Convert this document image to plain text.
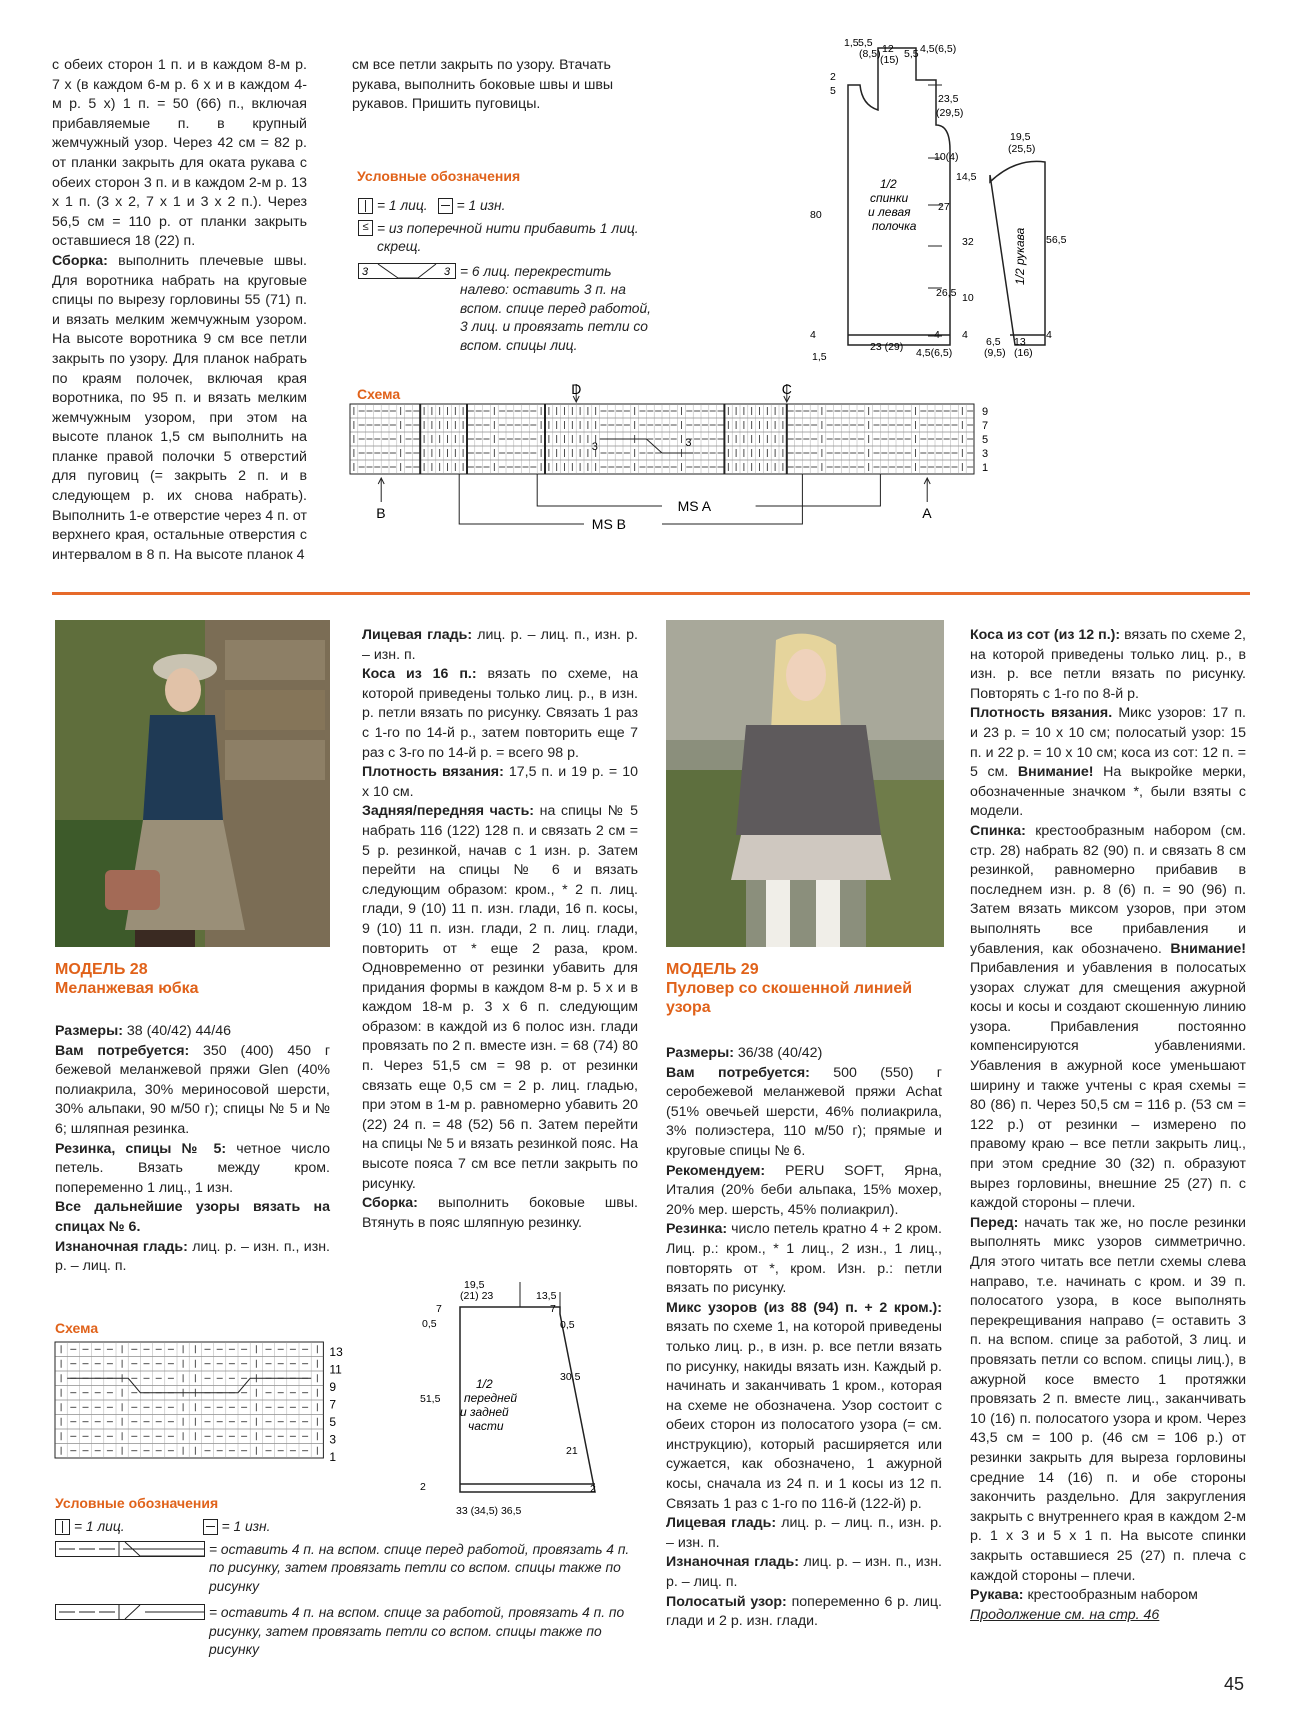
с обеих сторон 1 п. и в каждом 8-м р. 7 х (в каждом 6-м р. 6 х и в каждом 4-м р. 5 х) 1 п. = 50 (66) п., включая прибавляемые п. в крупный жемчужный узор. Через 42 см = 82 р. от планки закрыть для оката рукава с обеих сторон 3 п. и в каждом 2-м р. 13 х 1 п. (3 х 2, 7 х 1 и 3 х 2 п.). Через 56,5 см = 110 р. от планки закрыть оставшиеся 18 (22) п.

Сборка: выполнить плечевые швы. Для воротника набрать на круговые спицы по вырезу горловины 55 (71) п. и вязать мелким жемчужным узором. На высоте воротника 9 см все петли закрыть по узору. Для планок набрать по краям полочек, включая края воротника, по 95 п. и вязать мелким жемчужным узором, при этом на высоте планок 1,5 см выполнить на планке правой полочки 5 отверстий для пуговиц (= закрыть 2 п. и в следующем р. их снова набрать). Выполнить 1-е отверстие через 4 п. от верхнего края, остальные отверстия с интервалом в 8 п. На высоте планок 4

см все петли закрыть по узору. Втачать рукава, выполнить боковые швы и швы рукавов. Пришить пуговицы.

Условные обозначения
= 1 лиц. = 1 изн.
≤ = из поперечной нити прибавить 1 лиц. скрещ.
3	3 = 6 лиц. перекрестить налево: оставить 3 п. на вспом. спице перед работой, 3 лиц. и провязать петли со вспом. спицы лиц.
Схема
3	3
9
7
5
3
1
D	C
B	A
MS A
MS B
1,5 5,5
(8,5) 12
(15) 5,5 4,5(6,5)
2
5
23,5
(29,5)
10(4)
27
26,5
80
4	4
1,5
23 (29) 4,5(6,5)
1/2
спинки
и левая
полочка
19,5
(25,5)
14,5
32	56,5
10
4	4
6,5
(9,5)
13
(16)
1/2 рукава
МОДЕЛЬ 28
Меланжевая юбка

Размеры: 38 (40/42) 44/46

Вам потребуется: 350 (400) 450 г бежевой меланжевой пряжи Glen (40% полиакрила, 30% мериносовой шерсти, 30% альпаки, 90 м/50 г); спицы № 5 и № 6; шляпная резинка.

Резинка, спицы № 5: четное число петель. Вязать между кром. попеременно 1 лиц., 1 изн.

Все дальнейшие узоры вязать на спицах № 6.

Изнаночная гладь: лиц. р. – изн. п., изн. р. – лиц. п.

Лицевая гладь: лиц. р. – лиц. п., изн. р. – изн. п.

Коса из 16 п.: вязать по схеме, на которой приведены только лиц. р., в изн. р. петли вязать по рисунку. Связать 1 раз с 1-го по 14-й р., затем повторить еще 7 раз с 3-го по 14-й р. = всего 98 р.

Плотность вязания: 17,5 п. и 19 р. = 10 х 10 см.

Задняя/передняя часть: на спицы № 5 набрать 116 (122) 128 п. и связать 2 см = 5 р. резинкой, начав с 1 изн. р. Затем перейти на спицы № 6 и вязать следующим образом: кром., * 2 п. лиц. глади, 9 (10) 11 п. изн. глади, 16 п. косы, 9 (10) 11 п. изн. глади, 2 п. лиц. глади, повторить от * еще 2 раза, кром. Одновременно от резинки убавить для придания формы в каждом 8-м р. 5 х и в каждом 18-м р. 3 х 6 п. следующим образом: в каждой из 6 полос изн. глади провязать по 2 п. вместе изн. = 68 (74) 80 п. Через 51,5 см = 98 р. от резинки связать еще 0,5 см = 2 р. лиц. гладью, при этом в 1-м р. равномерно убавить 20 (22) 24 п. = 48 (52) 56 п. Затем перейти на спицы № 5 и вязать резинкой пояс. На высоте пояса 7 см все петли закрыть по рисунку.

Сборка: выполнить боковые швы. Втянуть в пояс шляпную резинку.

Схема
13
11
9
7
5
3
1
Условные обозначения
= 1 лиц.	= 1 изн.
= оставить 4 п. на вспом. спице перед работой, провязать 4 п. по рисунку, затем провязать петли со вспом. спицы также по рисунку
= оставить 4 п. на вспом. спице за работой, провязать 4 п. по рисунку, затем провязать петли со вспом. спицы также по рисунку
19,5
(21) 23	13,5
7
0,5
7
0,5
30,5
51,5
21
2	2
33 (34,5) 36,5
1/2
передней
и задней
части
МОДЕЛЬ 29
Пуловер со скошенной линией узора

Размеры: 36/38 (40/42)

Вам потребуется: 500 (550) г серобежевой меланжевой пряжи Achat (51% овечьей шерсти, 46% полиакрила, 3% полиэстера, 110 м/50 г); прямые и круговые спицы № 6.

Рекомендуем: PERU SOFT, Ярна, Италия (20% беби альпака, 15% мохер, 20% мер. шерсть, 45% полиакрил).

Резинка: число петель кратно 4 + 2 кром. Лиц. р.: кром., * 1 лиц., 2 изн., 1 лиц., повторять от *, кром. Изн. р.: петли вязать по рисунку.

Микс узоров (из 88 (94) п. + 2 кром.): вязать по схеме 1, на которой приведены только лиц. р., в изн. р. все петли вязать по рисунку, накиды вязать изн. Каждый р. начинать и заканчивать 1 кром., которая на схеме не обозначена. Узор состоит с обеих сторон из полосатого узора (= см. инструкцию), который расширяется или сужается, как обозначено, 1 ажурной косы, сначала из 24 п. и 1 косы из 12 п. Связать 1 раз с 1-го по 116-й (122-й) р.

Лицевая гладь: лиц. р. – лиц. п., изн. р. – изн. п.

Изнаночная гладь: лиц. р. – изн. п., изн. р. – лиц. п.

Полосатый узор: попеременно 6 р. лиц. глади и 2 р. изн. глади.

Коса из сот (из 12 п.): вязать по схеме 2, на которой приведены только лиц. р., в изн. р. все петли вязать по рисунку. Повторять с 1-го по 8-й р.

Плотность вязания. Микс узоров: 17 п. и 23 р. = 10 х 10 см; полосатый узор: 15 п. и 22 р. = 10 х 10 см; коса из сот: 12 п. = 5 см. Внимание! На выкройке мерки, обозначенные значком *, были взяты с модели.

Спинка: крестообразным набором (см. стр. 28) набрать 82 (90) п. и связать 8 см резинкой, равномерно прибавив в последнем изн. р. 8 (6) п. = 90 (96) п. Затем вязать миксом узоров, при этом выполнять все прибавления и убавления, как обозначено. Внимание! Прибавления и убавления в полосатых узорах служат для смещения ажурной косы и косы и создают скошенную линию узора. Прибавления постоянно компенсируются убавлениями. Убавления в ажурной косе уменьшают ширину и также учтены с края схемы = 80 (86) п. Через 50,5 см = 116 р. (53 см = 122 р.) от резинки – измерено по правому краю – все петли закрыть лиц., при этом средние 30 (32) п. образуют вырез горловины, внешние 25 (27) п. с каждой стороны – плечи.

Перед: начать так же, но после резинки выполнять микс узоров симметрично. Для этого читать все петли схемы слева направо, т.е. начинать с кром. и 39 п. полосатого узора, в косе выполнять перекрещивания направо (= оставить 3 п. на вспом. спице за работой, 3 лиц. и провязать петли со вспом. спицы лиц.), в ажурной косе вместо 1 протяжки провязать 2 п. вместе лиц., заканчивать 10 (16) п. полосатого узора и кром. Через 43,5 см = 100 р. (46 см = 106 р.) от резинки закрыть для выреза горловины средние 14 (16) п. и обе стороны закончить раздельно. Для закругления закрыть с внутреннего края в каждом 2-м р. 1 х 3 и 5 х 1 п. На высоте спинки закрыть оставшиеся 25 (27) п. плеча с каждой стороны – плечи.

Рукава: крестообразным набором

Продолжение см. на стр. 46

45
